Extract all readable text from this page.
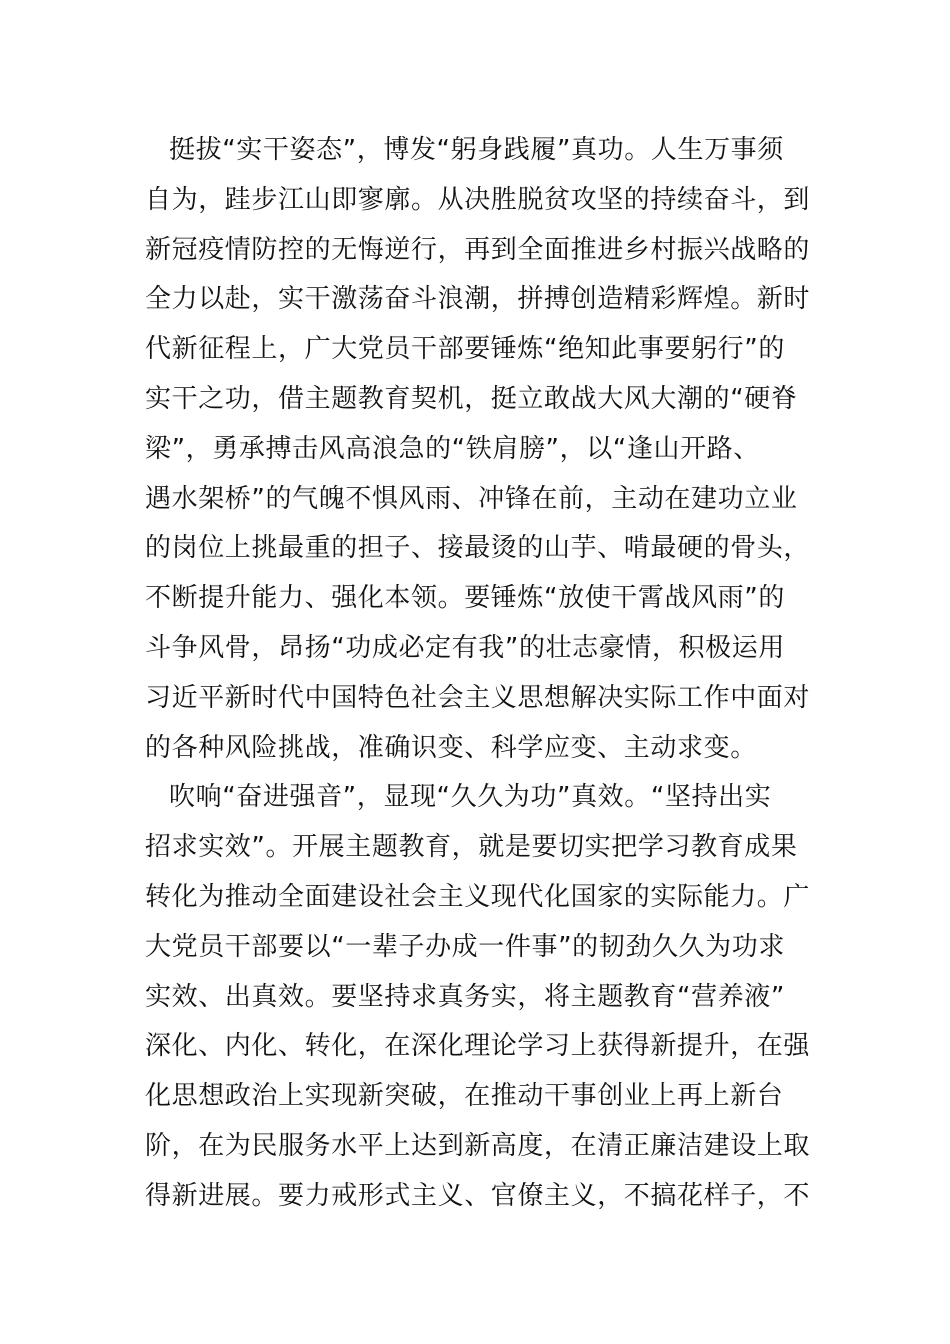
挺拔“实干姿态”，博发“躬身践履”真功。人生万事须
自为，跬步江山即寥廓。从决胜脱贫攻坚的持续奋斗，到
新冠疫情防控的无悔逆行，再到全面推进乡村振兴战略的
全力以赴，实干激荡奋斗浪潮，拼搏创造精彩辉煌。新时
代新征程上，广大党员干部要锤炼“绝知此事要躬行”的
实干之功，借主题教育契机，挺立敢战大风大潮的“硬脊
梁”，勇承搏击风高浪急的“铁肩膀”，以“逢山开路、
遇水架桥”的气魄不惧风雨、冲锋在前，主动在建功立业
的岗位上挑最重的担子、接最烫的山芋、啃最硬的骨头，
不断提升能力、强化本领。要锤炼“放使干霄战风雨”的
斗争风骨，昂扬“功成必定有我”的壮志豪情，积极运用
习近平新时代中国特色社会主义思想解决实际工作中面对
的各种风险挑战，准确识变、科学应变、主动求变。
吹响“奋进强音”，显现“久久为功”真效。“坚持出实
招求实效”。开展主题教育，就是要切实把学习教育成果
转化为推动全面建设社会主义现代化国家的实际能力。广
大党员干部要以“一辈子办成一件事”的韧劲久久为功求
实效、出真效。要坚持求真务实，将主题教育“营养液”
深化、内化、转化，在深化理论学习上获得新提升，在强
化思想政治上实现新突破，在推动干事创业上再上新台
阶，在为民服务水平上达到新高度，在清正廉洁建设上取
得新进展。要力戒形式主义、官僚主义，不搞花样子，不
